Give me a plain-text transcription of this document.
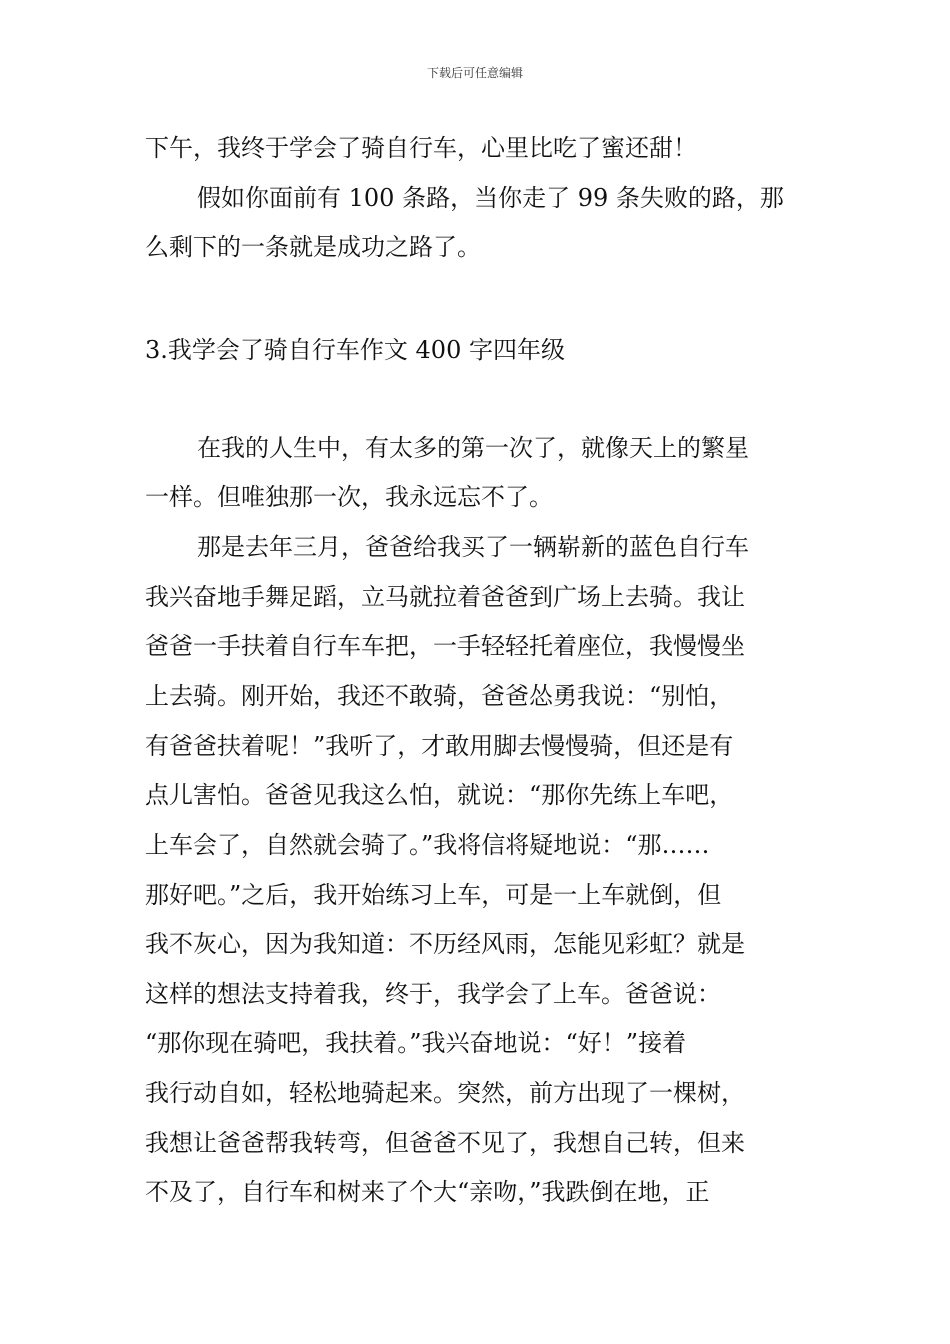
下载后可任意编辑
下午，我终于学会了骑自行车，心里比吃了蜜还甜！
假如你面前有 100 条路，当你走了 99 条失败的路，那
么剩下的一条就是成功之路了。
3.我学会了骑自行车作文 400 字四年级
在我的人生中，有太多的第一次了，就像天上的繁星
一样。但唯独那一次，我永远忘不了。
那是去年三月，爸爸给我买了一辆崭新的蓝色自行车
我兴奋地手舞足蹈，立马就拉着爸爸到广场上去骑。我让
爸爸一手扶着自行车车把，一手轻轻托着座位，我慢慢坐
上去骑。刚开始，我还不敢骑，爸爸怂勇我说：“别怕，
有爸爸扶着呢！”我听了，才敢用脚去慢慢骑，但还是有
点儿害怕。爸爸见我这么怕，就说：“那你先练上车吧，
上车会了，自然就会骑了。”我将信将疑地说：“那……
那好吧。”之后，我开始练习上车，可是一上车就倒，但
我不灰心，因为我知道：不历经风雨，怎能见彩虹？就是
这样的想法支持着我，终于，我学会了上车。爸爸说：
“那你现在骑吧，我扶着。”我兴奋地说：“好！”接着
我行动自如，轻松地骑起来。突然，前方出现了一棵树，
我想让爸爸帮我转弯，但爸爸不见了，我想自己转，但来
不及了，自行车和树来了个大“亲吻，”我跌倒在地，正
